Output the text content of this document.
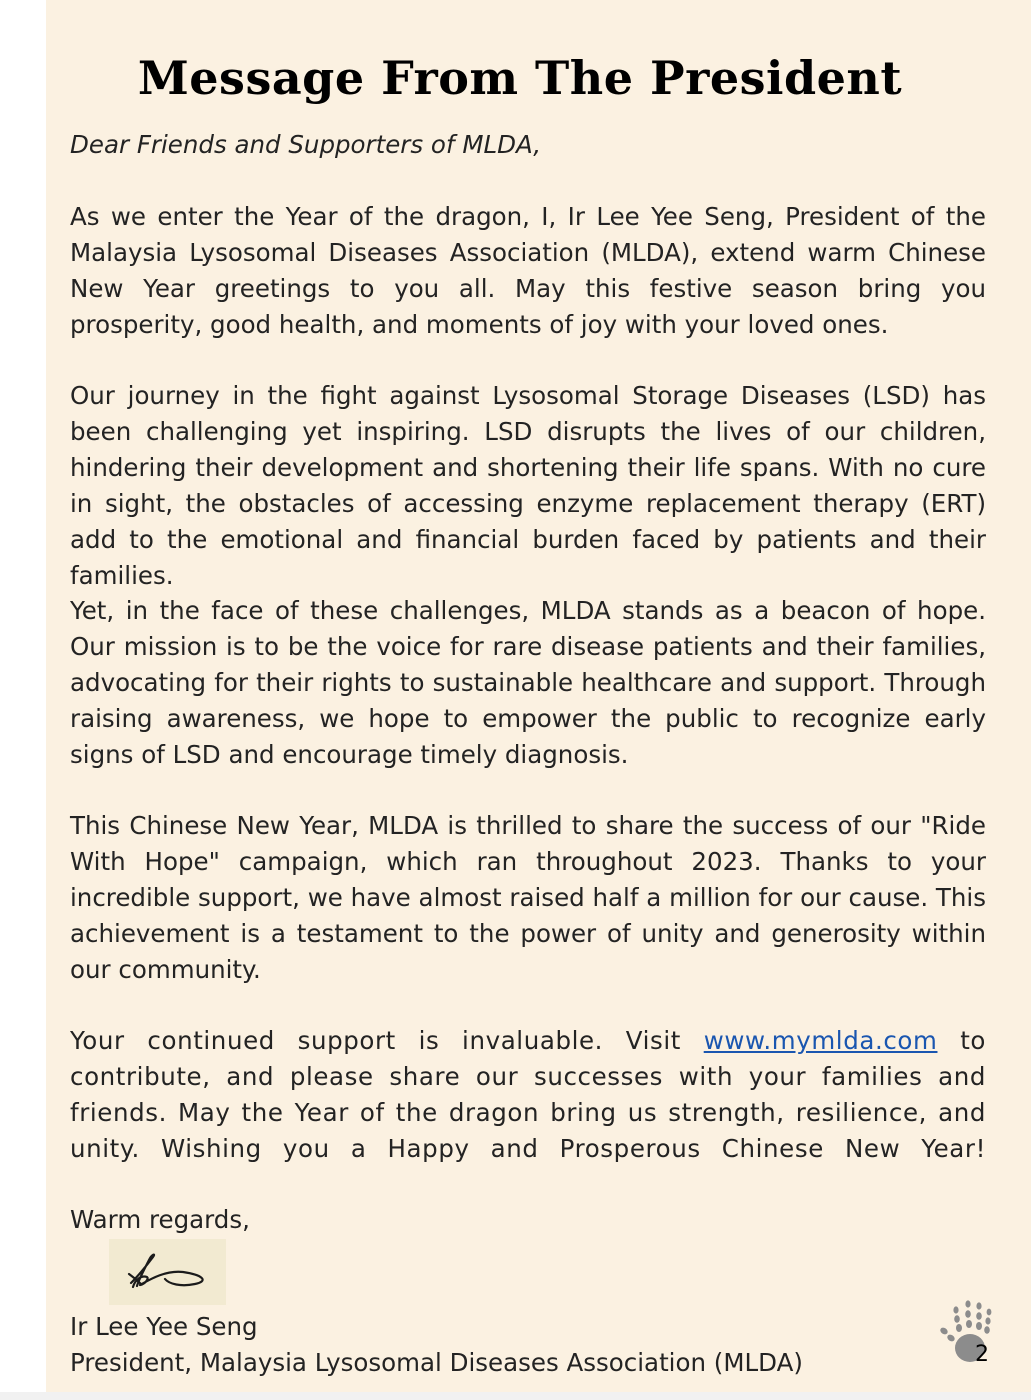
Message From The President

Dear Friends and Supporters of MLDA,

As we enter the Year of the dragon, I, Ir Lee Yee Seng, President of the Malaysia Lysosomal Diseases Association (MLDA), extend warm Chinese New Year greetings to you all. May this festive season bring you prosperity, good health, and moments of joy with your loved ones.

Our journey in the fight against Lysosomal Storage Diseases (LSD) has been challenging yet inspiring. LSD disrupts the lives of our children, hindering their development and shortening their life spans. With no cure in sight, the obstacles of accessing enzyme replacement therapy (ERT) add to the emotional and financial burden faced by patients and their families.

Yet, in the face of these challenges, MLDA stands as a beacon of hope. Our mission is to be the voice for rare disease patients and their families, advocating for their rights to sustainable healthcare and support. Through raising awareness, we hope to empower the public to recognize early signs of LSD and encourage timely diagnosis.

This Chinese New Year, MLDA is thrilled to share the success of our "Ride With Hope" campaign, which ran throughout 2023. Thanks to your incredible support, we have almost raised half a million for our cause. This achievement is a testament to the power of unity and generosity within our community.

Your continued support is invaluable. Visit www.mymlda.com to contribute, and please share our successes with your families and friends. May the Year of the dragon bring us strength, resilience, and unity. Wishing you a Happy and Prosperous Chinese New Year!

Warm regards,

Ir Lee Yee Seng

President, Malaysia Lysosomal Diseases Association (MLDA)	2
